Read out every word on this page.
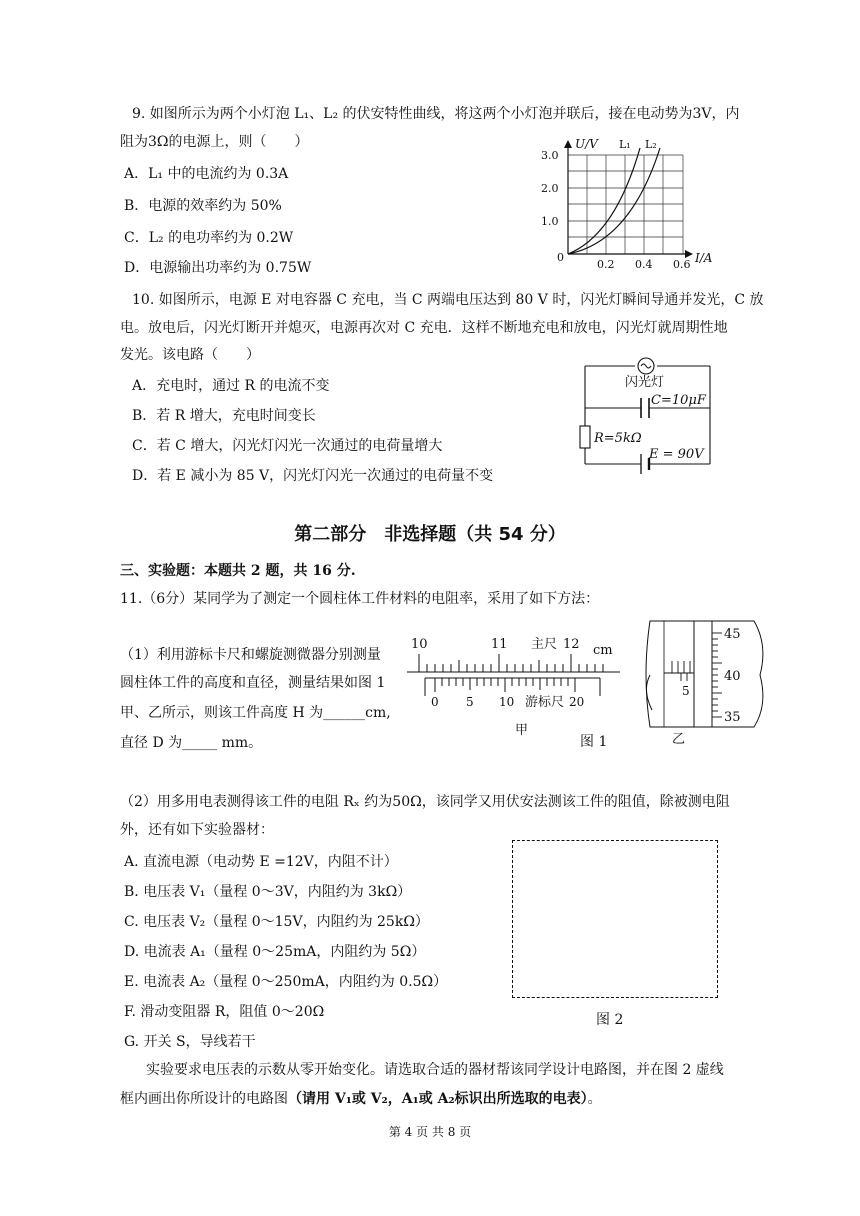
9. 如图所示为两个小灯泡 L₁、L₂ 的伏安特性曲线，将这两个小灯泡并联后，接在电动势为3V，内
阻为3Ω的电源上，则（　　）
A．L₁ 中的电流约为 0.3A
B．电源的效率约为 50%
C．L₂ 的电功率约为 0.2W
D．电源输出功率约为 0.75W
U/V
I/A
0
1.0
2.0
3.0
0.2 0.4 0.6
L₁ L₂
10. 如图所示，电源 E 对电容器 C 充电，当 C 两端电压达到 80 V 时，闪光灯瞬间导通并发光，C 放
电。放电后，闪光灯断开并熄灭，电源再次对 C 充电．这样不断地充电和放电，闪光灯就周期性地
发光。该电路（　　）
A．充电时，通过 R 的电流不变
B．若 R 增大，充电时间变长
C．若 C 增大，闪光灯闪光一次通过的电荷量增大
D．若 E 减小为 85 V，闪光灯闪光一次通过的电荷量不变
闪光灯
C=10μF
R=5kΩ
E = 90V
第二部分　非选择题（共 54 分）
三、实验题：本题共 2 题，共 16 分.
11.（6分）某同学为了测定一个圆柱体工件材料的电阻率，采用了如下方法：
（1）利用游标卡尺和螺旋测微器分别测量
圆柱体工件的高度和直径，测量结果如图 1
甲、乙所示，则该工件高度 H 为______cm,
直径 D 为_____ mm。
10	11 主尺 12 cm
0 5 10 游标尺 20
甲
图 1
45
40
35
5
乙
（2）用多用电表测得该工件的电阻 Rₓ 约为50Ω，该同学又用伏安法测该工件的阻值，除被测电阻
外，还有如下实验器材：
A. 直流电源（电动势 E =12V，内阻不计）
B. 电压表 V₁（量程 0～3V，内阻约为 3kΩ）
C. 电压表 V₂（量程 0～15V，内阻约为 25kΩ）
D. 电流表 A₁（量程 0～25mA，内阻约为 5Ω）
E. 电流表 A₂（量程 0～250mA，内阻约为 0.5Ω）
F. 滑动变阻器 R，阻值 0～20Ω
G. 开关 S，导线若干
图 2
实验要求电压表的示数从零开始变化。请选取合适的器材帮该同学设计电路图，并在图 2 虚线
框内画出你所设计的电路图（请用 V₁或 V₂，A₁或 A₂标识出所选取的电表）。
第 4 页 共 8 页
